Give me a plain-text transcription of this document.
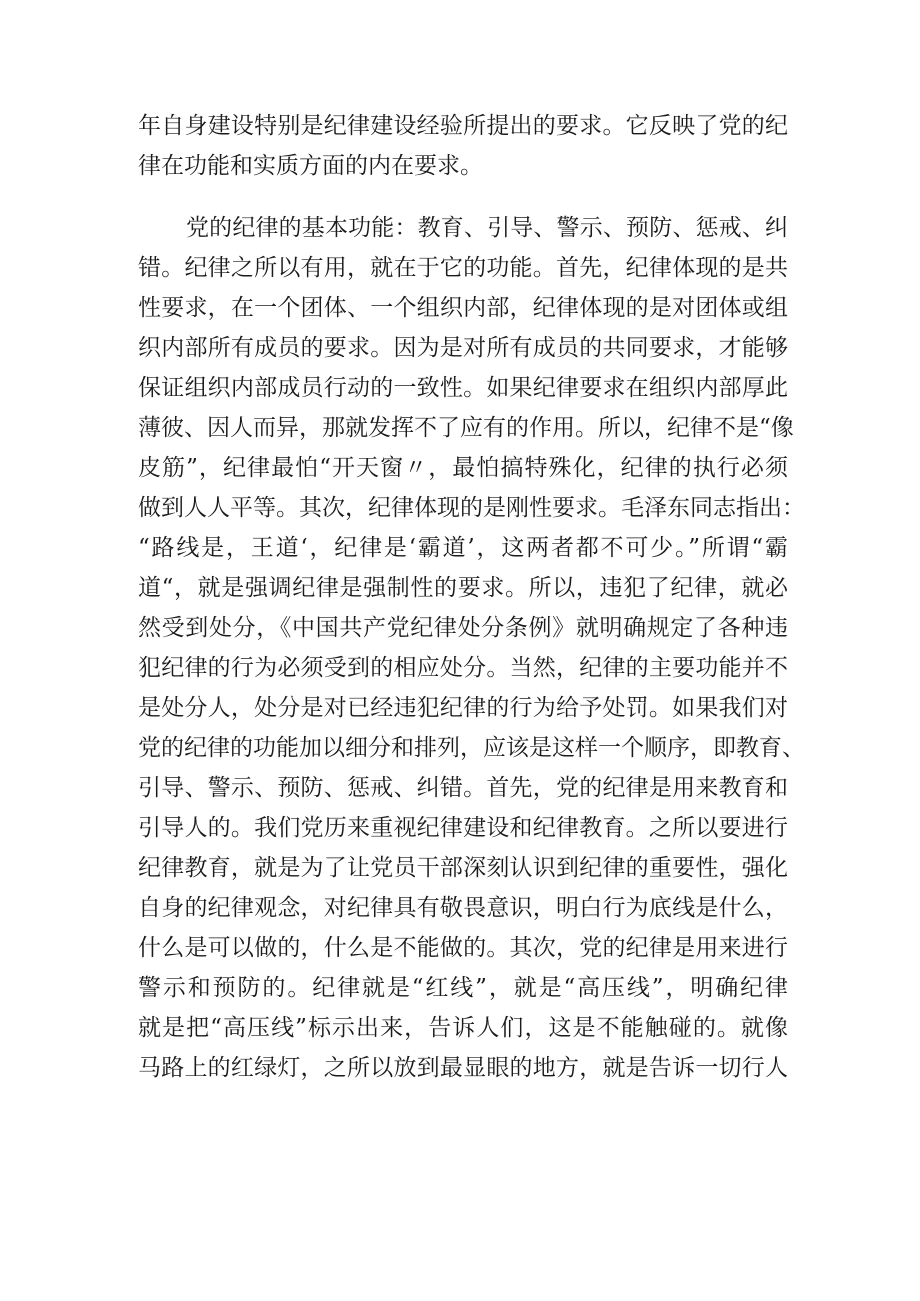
年自身建设特别是纪律建设经验所提出的要求。它反映了党的纪
律在功能和实质方面的内在要求。
党的纪律的基本功能：教育、引导、警示、预防、惩戒、纠
错。纪律之所以有用，就在于它的功能。首先，纪律体现的是共
性要求，在一个团体、一个组织内部，纪律体现的是对团体或组
织内部所有成员的要求。因为是对所有成员的共同要求，才能够
保证组织内部成员行动的一致性。如果纪律要求在组织内部厚此
薄彼、因人而异，那就发挥不了应有的作用。所以，纪律不是“像
皮筋”，纪律最怕“开天窗〃，最怕搞特殊化，纪律的执行必须
做到人人平等。其次，纪律体现的是刚性要求。毛泽东同志指出：
“路线是，王道‘，纪律是‘霸道’，这两者都不可少。”所谓“霸
道“，就是强调纪律是强制性的要求。所以，违犯了纪律，就必
然受到处分，《中国共产党纪律处分条例》就明确规定了各种违
犯纪律的行为必须受到的相应处分。当然，纪律的主要功能并不
是处分人，处分是对已经违犯纪律的行为给予处罚。如果我们对
党的纪律的功能加以细分和排列，应该是这样一个顺序，即教育、
引导、警示、预防、惩戒、纠错。首先，党的纪律是用来教育和
引导人的。我们党历来重视纪律建设和纪律教育。之所以要进行
纪律教育，就是为了让党员干部深刻认识到纪律的重要性，强化
自身的纪律观念，对纪律具有敬畏意识，明白行为底线是什么，
什么是可以做的，什么是不能做的。其次，党的纪律是用来进行
警示和预防的。纪律就是“红线”，就是“高压线”，明确纪律
就是把“高压线”标示出来，告诉人们，这是不能触碰的。就像
马路上的红绿灯，之所以放到最显眼的地方，就是告诉一切行人
